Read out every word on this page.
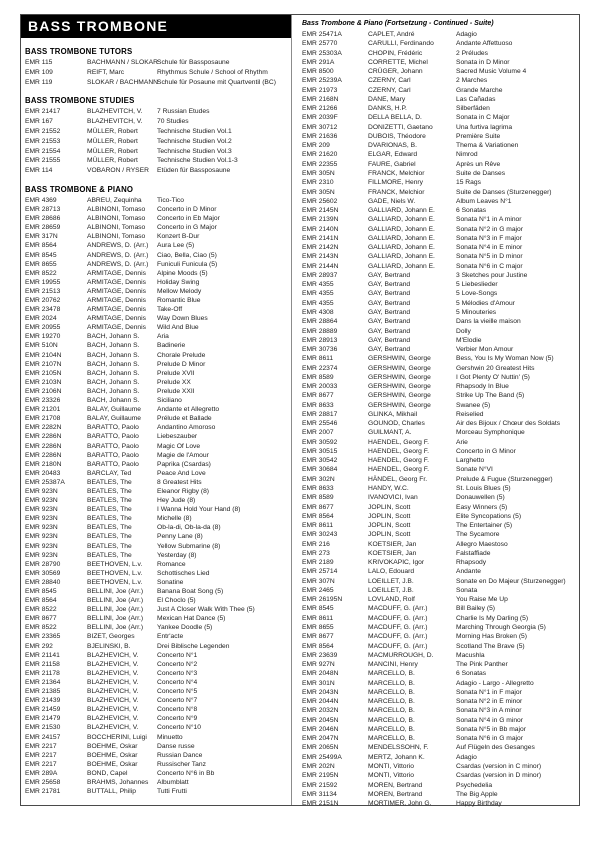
BASS TROMBONE
BASS TROMBONE TUTORS
EMR 115	BACHMANN / SLOKAR Schule für Bassposaune
EMR 109	REIFT, Marc	Rhythmus Schule / School of Rhythm
EMR 119	SLOKAR / BACHMANN Schule für Posaune mit Quartventil (BC)
BASS TROMBONE STUDIES
EMR 21417	BLAZHEVITCH, V.	7 Russian Etudes
EMR 167	BLAZHEVITCH, V.	70 Studies
EMR 21552	MÜLLER, Robert	Technische Studien Vol.1
EMR 21553	MÜLLER, Robert	Technische Studien Vol.2
EMR 21554	MÜLLER, Robert	Technische Studien Vol.3
EMR 21555	MÜLLER, Robert	Technische Studien Vol.1-3
EMR 114	VOBARON / RYSER	Etüden für Bassposaune
BASS TROMBONE & PIANO
EMR 4369	ABREU, Zequinha	Tico-Tico
EMR 28713	ALBINONI, Tomaso	Concerto in D Minor
EMR 28686	ALBINONI, Tomaso	Concerto in Eb Major
EMR 28659	ALBINONI, Tomaso	Concerto in G Major
EMR 317N	ALBINONI, Tomaso	Konzert B-Dur
EMR 8564	ANDREWS, D. (Arr.)	Aura Lee (5)
EMR 8545	ANDREWS, D. (Arr.)	Ciao, Bella, Ciao (5)
EMR 8655	ANDREWS, D. (Arr.)	Funiculi Funicula (5)
EMR 8522	ARMITAGE, Dennis	Alpine Moods (5)
EMR 19955	ARMITAGE, Dennis	Holiday Swing
EMR 21513	ARMITAGE, Dennis	Mellow Melody
EMR 20762	ARMITAGE, Dennis	Romantic Blue
EMR 23478	ARMITAGE, Dennis	Take-Off
EMR 2024	ARMITAGE, Dennis	Way Down Blues
EMR 20955	ARMITAGE, Dennis	Wild And Blue
EMR 19270	BACH, Johann S.	Aria
EMR 510N	BACH, Johann S.	Badinerie
EMR 2104N	BACH, Johann S.	Chorale Prelude
EMR 2107N	BACH, Johann S.	Prelude D Minor
EMR 2105N	BACH, Johann S.	Prelude XVII
EMR 2103N	BACH, Johann S.	Prelude XX
EMR 2106N	BACH, Johann S.	Prelude XXII
EMR 23326	BACH, Johann S.	Siciliano
EMR 21201	BALAY, Guillaume	Andante et Allegretto
EMR 21708	BALAY, Guillaume	Prélude et Ballade
EMR 2282N	BARATTO, Paolo	Andantino Amoroso
EMR 2286N	BARATTO, Paolo	Liebeszauber
EMR 2286N	BARATTO, Paolo	Magic Of Love
EMR 2286N	BARATTO, Paolo	Magie de l'Amour
EMR 2180N	BARATTO, Paolo	Paprika (Csardas)
EMR 20483	BARCLAY, Ted	Peace And Love
EMR 25387A	BEATLES, The	8 Greatest Hits
EMR 923N	BEATLES, The	Eleanor Rigby (8)
EMR 923N	BEATLES, The	Hey Jude (8)
EMR 923N	BEATLES, The	I Wanna Hold Your Hand (8)
EMR 923N	BEATLES, The	Michelle (8)
EMR 923N	BEATLES, The	Ob-la-di, Ob-la-da (8)
EMR 923N	BEATLES, The	Penny Lane (8)
EMR 923N	BEATLES, The	Yellow Submarine (8)
EMR 923N	BEATLES, The	Yesterday (8)
EMR 28790	BEETHOVEN, L.v.	Romance
EMR 30569	BEETHOVEN, L.v.	Schottisches Lied
EMR 28840	BEETHOVEN, L.v.	Sonatine
EMR 8545	BELLINI, Joe (Arr.)	Banana Boat Song (5)
EMR 8564	BELLINI, Joe (Arr.)	El Choclo (5)
EMR 8522	BELLINI, Joe (Arr.)	Just A Closer Walk With Thee (5)
EMR 8677	BELLINI, Joe (Arr.)	Mexican Hat Dance (5)
EMR 8522	BELLINI, Joe (Arr.)	Yankee Doodle (5)
EMR 23365	BIZET, Georges	Entr'acte
EMR 292	BJELINSKI, B.	Drei Biblische Legenden
EMR 21141	BLAZHEVICH, V.	Concerto N°1
EMR 21158	BLAZHEVICH, V.	Concerto N°2
EMR 21178	BLAZHEVICH, V.	Concerto N°3
EMR 21364	BLAZHEVICH, V.	Concerto N°4
EMR 21385	BLAZHEVICH, V.	Concerto N°5
EMR 21439	BLAZHEVICH, V.	Concerto N°7
EMR 21459	BLAZHEVICH, V.	Concerto N°8
EMR 21479	BLAZHEVICH, V.	Concerto N°9
EMR 21530	BLAZHEVICH, V.	Concerto N°10
EMR 24157	BOCCHERINI, Luigi	Minuetto
EMR 2217	BOEHME, Oskar	Danse russe
EMR 2217	BOEHME, Oskar	Russian Dance
EMR 2217	BOEHME, Oskar	Russischer Tanz
EMR 289A	BOND, Capel	Concerto N°6 in Bb
EMR 25658	BRAHMS, Johannes	Albumblatt
EMR 21781	BUTTALL, Philip	Tutti Frutti
Bass Trombone & Piano (Fortsetzung - Continued - Suite)
EMR 25471A	CAPLET, André	Adagio
EMR 25770	CARULLI, Ferdinando	Andante Affettuoso
EMR 25303A	CHOPIN, Frédéric	2 Préludes
EMR 291A	CORRETTE, Michel	Sonata in D Minor
EMR 8500	CRÜGER, Johann	Sacred Music Volume 4
EMR 25239A	CZERNY, Carl	2 Marches
EMR 21973	CZERNY, Carl	Grande Marche
EMR 2168N	DANE, Mary	Las Cañadas
EMR 21266	DANKS, H.P.	Silberfäden
EMR 2039F	DELLA BELLA, D.	Sonata in C Major
EMR 30712	DONIZETTI, Gaetano	Una furtiva lagrima
EMR 21636	DUBOIS, Théodore	Première Suite
EMR 209	DVARIONAS, B.	Thema & Variationen
EMR 21620	ELGAR, Edward	Nimrod
EMR 22355	FAURE, Gabriel	Après un Rêve
EMR 305N	FRANCK, Melchior	Suite de Danses
EMR 2310	FILLMORE, Henry	15 Rags
EMR 305N	FRANCK, Melchior	Suite de Danses (Sturzenegger)
EMR 25602	GADE, Niels W.	Album Leaves N°1
EMR 2145N	GALLIARD, Johann E.	6 Sonatas
EMR 2139N	GALLIARD, Johann E.	Sonata N°1 in A minor
EMR 2140N	GALLIARD, Johann E.	Sonata N°2 in G major
EMR 2141N	GALLIARD, Johann E.	Sonata N°3 in F major
EMR 2142N	GALLIARD, Johann E.	Sonata N°4 in E minor
EMR 2143N	GALLIARD, Johann E.	Sonata N°5 in D minor
EMR 2144N	GALLIARD, Johann E.	Sonata N°6 in C major
EMR 28937	GAY, Bertrand	3 Sketches pour Justine
EMR 4355	GAY, Bertrand	5 Liebeslieder
EMR 4355	GAY, Bertrand	5 Love-Songs
EMR 4355	GAY, Bertrand	5 Mélodies d'Amour
EMR 4308	GAY, Bertrand	5 Minouteries
EMR 28864	GAY, Bertrand	Dans la vieille maison
EMR 28889	GAY, Bertrand	Dolly
EMR 28913	GAY, Bertrand	M'Elodie
EMR 30736	GAY, Bertrand	Verbier Mon Amour
EMR 8611	GERSHWIN, George	Bess, You Is My Woman Now (5)
EMR 22374	GERSHWIN, George	Gershwin 20 Greatest Hits
EMR 8589	GERSHWIN, George	I Got Plenty O' Nuttin' (5)
EMR 20033	GERSHWIN, George	Rhapsody In Blue
EMR 8677	GERSHWIN, George	Strike Up The Band (5)
EMR 8633	GERSHWIN, George	Swanee (5)
EMR 28817	GLINKA, Mikhail	Reiselied
EMR 25546	GOUNOD, Charles	Air des Bijoux / Chœur des Soldats
EMR 2007	GUILMANT, A.	Morceau Symphonique
EMR 30592	HAENDEL, Georg F.	Arie
EMR 30515	HAENDEL, Georg F.	Concerto in G Minor
EMR 30542	HAENDEL, Georg F.	Larghetto
EMR 30684	HAENDEL, Georg F.	Sonate N°VI
EMR 302N	HÄNDEL, Georg Fr.	Prelude & Fugue (Sturzenegger)
EMR 8633	HANDY, W.C.	St. Louis Blues (5)
EMR 8589	IVANOVICI, Ivan	Donauwellen (5)
EMR 8677	JOPLIN, Scott	Easy Winners (5)
EMR 8564	JOPLIN, Scott	Elite Syncopations (5)
EMR 8611	JOPLIN, Scott	The Entertainer (5)
EMR 30243	JOPLIN, Scott	The Sycamore
EMR 216	KOETSIER, Jan	Allegro Maestoso
EMR 273	KOETSIER, Jan	Falstaffiade
EMR 2189	KRIVOKAPIC, Igor	Rhapsody
EMR 25714	LALO, Edouard	Andante
EMR 307N	LOEILLET, J.B.	Sonate en Do Majeur (Sturzenegger)
EMR 2465	LOEILLET, J.B.	Sonata
EMR 26195N	LOVLAND, Rolf	You Raise Me Up
EMR 8545	MACDUFF, G. (Arr.)	Bill Bailey (5)
EMR 8611	MACDUFF, G. (Arr.)	Charlie Is My Darling (5)
EMR 8655	MACDUFF, G. (Arr.)	Marching Through Georgia (5)
EMR 8677	MACDUFF, G. (Arr.)	Morning Has Broken (5)
EMR 8564	MACDUFF, G. (Arr.)	Scotland The Brave (5)
EMR 23639	MACMURROUGH, D.	Macushla
EMR 927N	MANCINI, Henry	The Pink Panther
EMR 2048N	MARCELLO, B.	6 Sonatas
EMR 301N	MARCELLO, B.	Adagio - Largo - Allegretto
EMR 2043N	MARCELLO, B.	Sonata N°1 in F major
EMR 2044N	MARCELLO, B.	Sonata N°2 in E minor
EMR 2032N	MARCELLO, B.	Sonata N°3 in A minor
EMR 2045N	MARCELLO, B.	Sonata N°4 in G minor
EMR 2046N	MARCELLO, B.	Sonata N°5 in Bb major
EMR 2047N	MARCELLO, B.	Sonata N°6 in G major
EMR 2065N	MENDELSSOHN, F.	Auf Flügeln des Gesanges
EMR 25499A	MERTZ, Johann K.	Adagio
EMR 202N	MONTI, Vittorio	Csardas (version in C minor)
EMR 2195N	MONTI, Vittorio	Csardas (version in D minor)
EMR 21592	MOREN, Bertrand	Psychedelia
EMR 31134	MOREN, Bertrand	The Big Apple
EMR 2151N	MORTIMER, John G.	Happy Birthday
